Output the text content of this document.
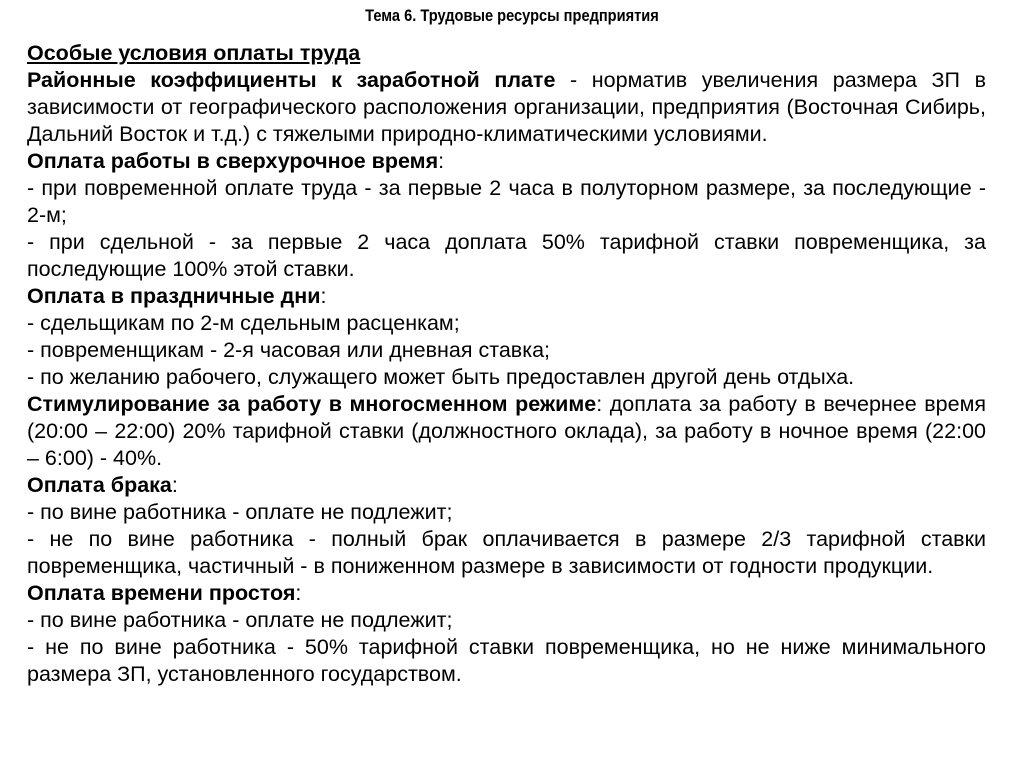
Тема 6. Трудовые ресурсы предприятия

Особые условия оплаты труда

Районные коэффициенты к заработной плате - норматив увеличения размера ЗП в зависимости от географического расположения организации, предприятия (Восточная Сибирь, Дальний Восток и т.д.) с тяжелыми природно-климатическими условиями.

Оплата работы в сверхурочное время:

- при повременной оплате труда - за первые 2 часа в полуторном размере, за последующие - 2-м;

- при сдельной - за первые 2 часа доплата 50% тарифной ставки повременщика, за последующие 100% этой ставки.

Оплата в праздничные дни:

- сдельщикам по 2-м сдельным расценкам;

- повременщикам - 2-я часовая или дневная ставка;

- по желанию рабочего, служащего может быть предоставлен другой день отдыха.

Стимулирование за работу в многосменном режиме: доплата за работу в вечернее время (20:00 – 22:00) 20% тарифной ставки (должностного оклада), за работу в ночное время (22:00 – 6:00) - 40%.

Оплата брака:

- по вине работника - оплате не подлежит;

- не по вине работника - полный брак оплачивается в размере 2/3 тарифной ставки повременщика, частичный - в пониженном размере в зависимости от годности продукции.

Оплата времени простоя:

- по вине работника - оплате не подлежит;

- не по вине работника - 50% тарифной ставки повременщика, но не ниже минимального размера ЗП, установленного государством.
